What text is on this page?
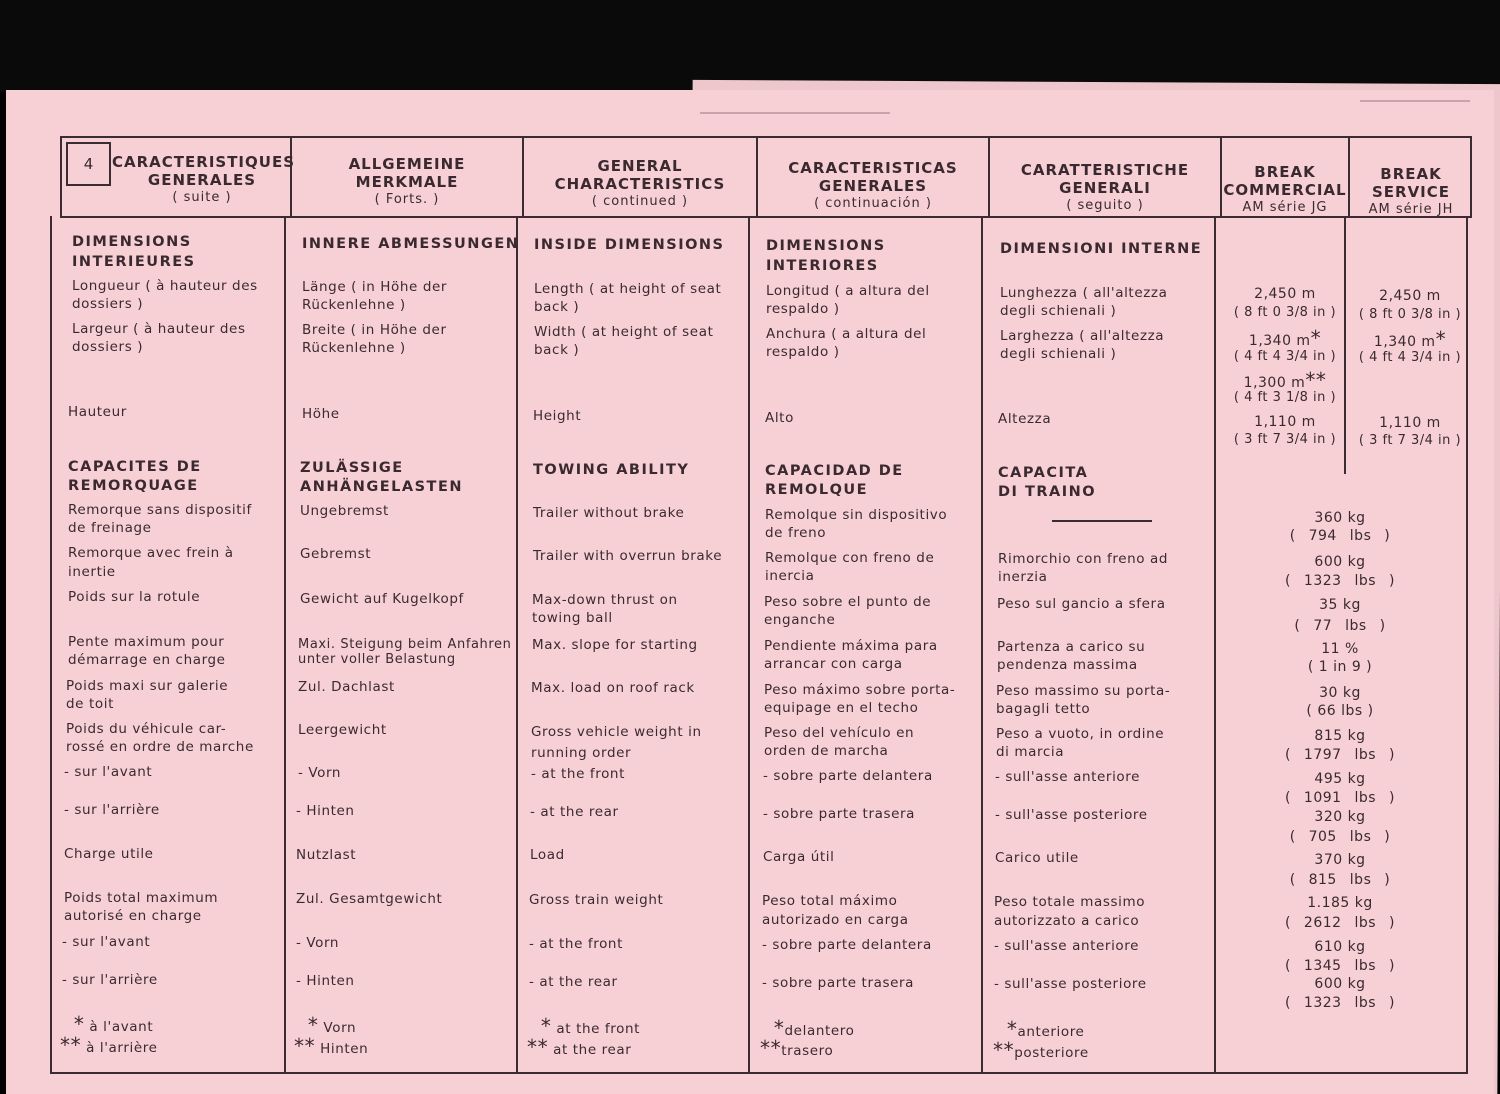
4	CARACTERISTIQUES
GENERALES
( suite )
ALLGEMEINE
MERKMALE
( Forts. )
GENERAL
CHARACTERISTICS
( continued )
CARACTERISTICAS
GENERALES
( continuación )
CARATTERISTICHE
GENERALI
( seguito )
BREAK
COMMERCIAL
AM série JG
BREAK
SERVICE
AM série JH
DIMENSIONS
INTERIEURES
Longueur ( à hauteur des
dossiers )
Largeur ( à hauteur des
dossiers )
Hauteur
CAPACITES DE
REMORQUAGE
Remorque sans dispositif
de freinage
Remorque avec frein à
inertie
Poids sur la rotule
Pente maximum pour
démarrage en charge
Poids maxi sur galerie
de toit
Poids du véhicule car-
rossé en ordre de marche
- sur l'avant
- sur l'arrière
Charge utile
Poids total maximum
autorisé en charge
- sur l'avant
- sur l'arrière
* à l'avant
** à l'arrière
INNERE ABMESSUNGEN
Länge ( in Höhe der
Rückenlehne )
Breite ( in Höhe der
Rückenlehne )
Höhe
ZULÄSSIGE
ANHÄNGELASTEN
Ungebremst
Gebremst
Gewicht auf Kugelkopf
Maxi. Steigung beim Anfahren
unter voller Belastung
Zul. Dachlast
Leergewicht
- Vorn
- Hinten
Nutzlast
Zul. Gesamtgewicht
- Vorn
- Hinten
* Vorn
** Hinten
INSIDE DIMENSIONS
Length ( at height of seat
back )
Width ( at height of seat
back )
Height
TOWING ABILITY
Trailer without brake
Trailer with overrun brake
Max-down thrust on
towing ball
Max. slope for starting
Max. load on roof rack
Gross vehicle weight in
running order
- at the front
- at the rear
Load
Gross train weight
- at the front
- at the rear
* at the front
** at the rear
DIMENSIONS
INTERIORES
Longitud ( a altura del
respaldo )
Anchura ( a altura del
respaldo )
Alto
CAPACIDAD DE
REMOLQUE
Remolque sin dispositivo
de freno
Remolque con freno de
inercia
Peso sobre el punto de
enganche
Pendiente máxima para
arrancar con carga
Peso máximo sobre porta-
equipage en el techo
Peso del vehículo en
orden de marcha
- sobre parte delantera
- sobre parte trasera
Carga útil
Peso total máximo
autorizado en carga
- sobre parte delantera
- sobre parte trasera
*delantero
**trasero
DIMENSIONI INTERNE
Lunghezza ( all'altezza
degli schienali )
Larghezza ( all'altezza
degli schienali )
Altezza
CAPACITA
DI TRAINO
Rimorchio con freno ad
inerzia
Peso sul gancio a sfera
Partenza a carico su
pendenza massima
Peso massimo su porta-
bagagli tetto
Peso a vuoto, in ordine
di marcia
- sull'asse anteriore
- sull'asse posteriore
Carico utile
Peso totale massimo
autorizzato a carico
- sull'asse anteriore
- sull'asse posteriore
*anteriore
**posteriore
2,450 m
( 8 ft 0 3/8 in )
1,340 m*
( 4 ft 4 3/4 in )
1,300 m**
( 4 ft 3 1/8 in )
1,110 m
( 3 ft 7 3/4 in )
2,450 m
( 8 ft 0 3/8 in )
1,340 m*
( 4 ft 4 3/4 in )
1,110 m
( 3 ft 7 3/4 in )
360 kg
( 794 lbs )
600 kg
( 1323 lbs )
35 kg
( 77 lbs )
11 %
( 1 in 9 )
30 kg
( 66 lbs )
815 kg
( 1797 lbs )
495 kg
( 1091 lbs )
320 kg
( 705 lbs )
370 kg
( 815 lbs )
1.185 kg
( 2612 lbs )
610 kg
( 1345 lbs )
600 kg
( 1323 lbs )
